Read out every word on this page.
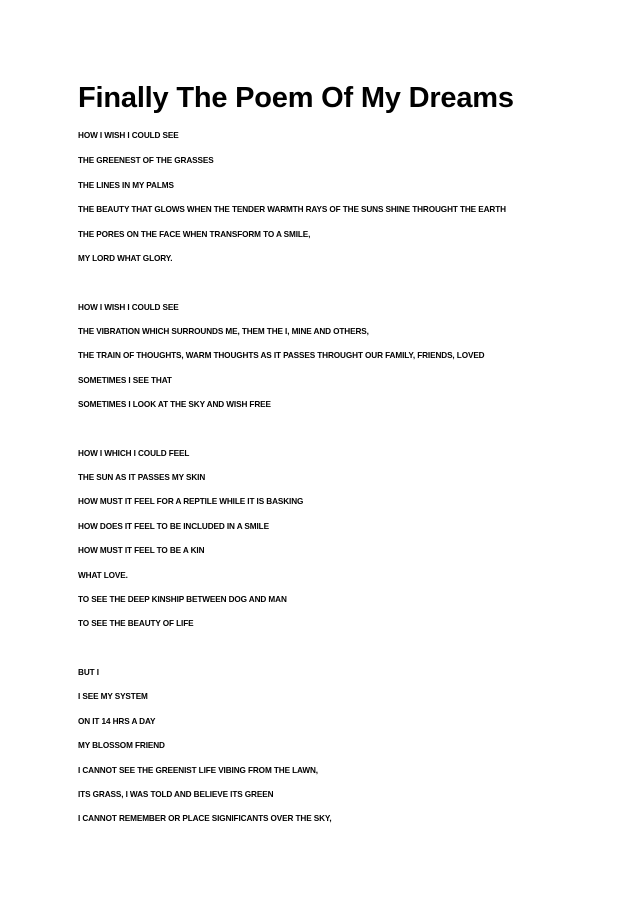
Finally The Poem Of My Dreams

HOW I WISH I COULD SEE

THE GREENEST OF THE GRASSES

THE LINES IN MY PALMS

THE BEAUTY THAT GLOWS WHEN THE TENDER WARMTH RAYS OF THE SUNS SHINE THROUGHT THE EARTH

THE PORES ON THE FACE WHEN TRANSFORM TO A SMILE,

MY LORD WHAT GLORY.

HOW I WISH I COULD SEE

THE VIBRATION WHICH SURROUNDS ME, THEM THE I, MINE AND OTHERS,

THE TRAIN OF THOUGHTS, WARM THOUGHTS AS IT PASSES THROUGHT OUR FAMILY, FRIENDS, LOVED

SOMETIMES I SEE THAT

SOMETIMES I LOOK AT THE SKY AND WISH FREE

HOW I WHICH I COULD FEEL

THE SUN AS IT PASSES MY SKIN

HOW MUST IT FEEL FOR A REPTILE WHILE IT IS BASKING

HOW DOES IT FEEL TO BE INCLUDED IN A SMILE

HOW MUST IT FEEL TO BE A KIN

WHAT LOVE.

TO SEE THE DEEP KINSHIP BETWEEN DOG AND MAN

TO SEE THE BEAUTY OF LIFE

BUT I

I SEE MY SYSTEM

ON IT 14 HRS A DAY

MY BLOSSOM FRIEND

I CANNOT SEE THE GREENIST LIFE VIBING FROM THE LAWN,

ITS GRASS, I WAS TOLD AND BELIEVE ITS GREEN

I CANNOT REMEMBER OR PLACE SIGNIFICANTS OVER THE SKY,
